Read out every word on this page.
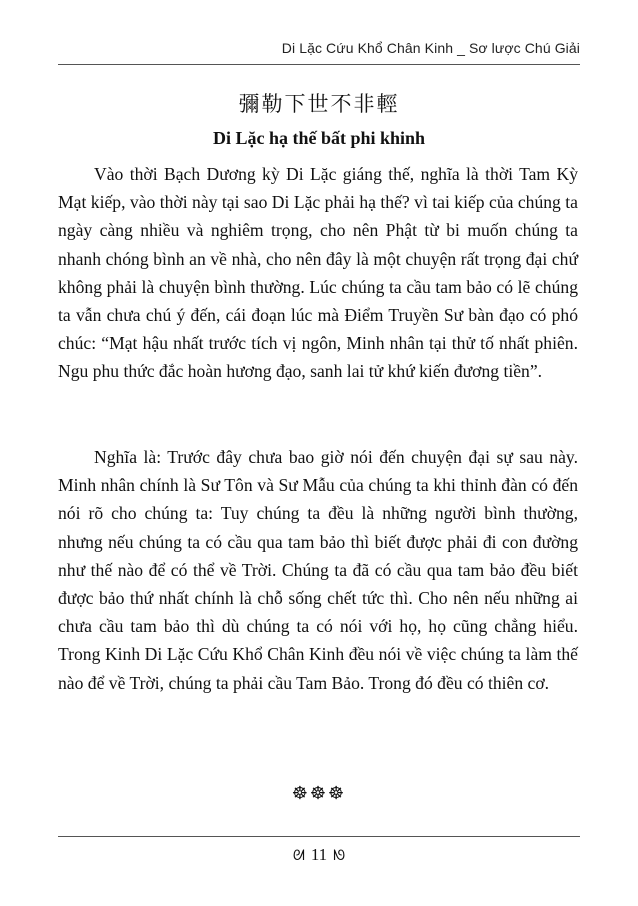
Di Lặc Cứu Khổ Chân Kinh _ Sơ lược Chú Giải
彌勒下世不非輕
Di Lặc hạ thế bất phi khinh

Vào thời Bạch Dương kỳ Di Lặc giáng thế, nghĩa là thời Tam Kỳ Mạt kiếp, vào thời này tại sao Di Lặc phải hạ thế? vì tai kiếp của chúng ta ngày càng nhiều và nghiêm trọng, cho nên Phật từ bi muốn chúng ta nhanh chóng bình an về nhà, cho nên đây là một chuyện rất trọng đại chứ không phải là chuyện bình thường. Lúc chúng ta cầu tam bảo có lẽ chúng ta vẫn chưa chú ý đến, cái đoạn lúc mà Điểm Truyền Sư bàn đạo có phó chúc: “Mạt hậu nhất trước tích vị ngôn, Minh nhân tại thử tố nhất phiên. Ngu phu thức đắc hoàn hương đạo, sanh lai tử khứ kiến đương tiền”.

Nghĩa là: Trước đây chưa bao giờ nói đến chuyện đại sự sau này. Minh nhân chính là Sư Tôn và Sư Mẫu của chúng ta khi thỉnh đàn có đến nói rõ cho chúng ta: Tuy chúng ta đều là những người bình thường, nhưng nếu chúng ta có cầu qua tam bảo thì biết được phải đi con đường như thế nào để có thể về Trời. Chúng ta đã có cầu qua tam bảo đều biết được bảo thứ nhất chính là chỗ sống chết tức thì. Cho nên nếu những ai chưa cầu tam bảo thì dù chúng ta có nói với họ, họ cũng chẳng hiểu. Trong Kinh Di Lặc Cứu Khổ Chân Kinh đều nói về việc chúng ta làm thế nào để về Trời, chúng ta phải cầu Tam Bảo. Trong đó đều có thiên cơ.

☸☸☸
ᘛ 11 ᘚ
